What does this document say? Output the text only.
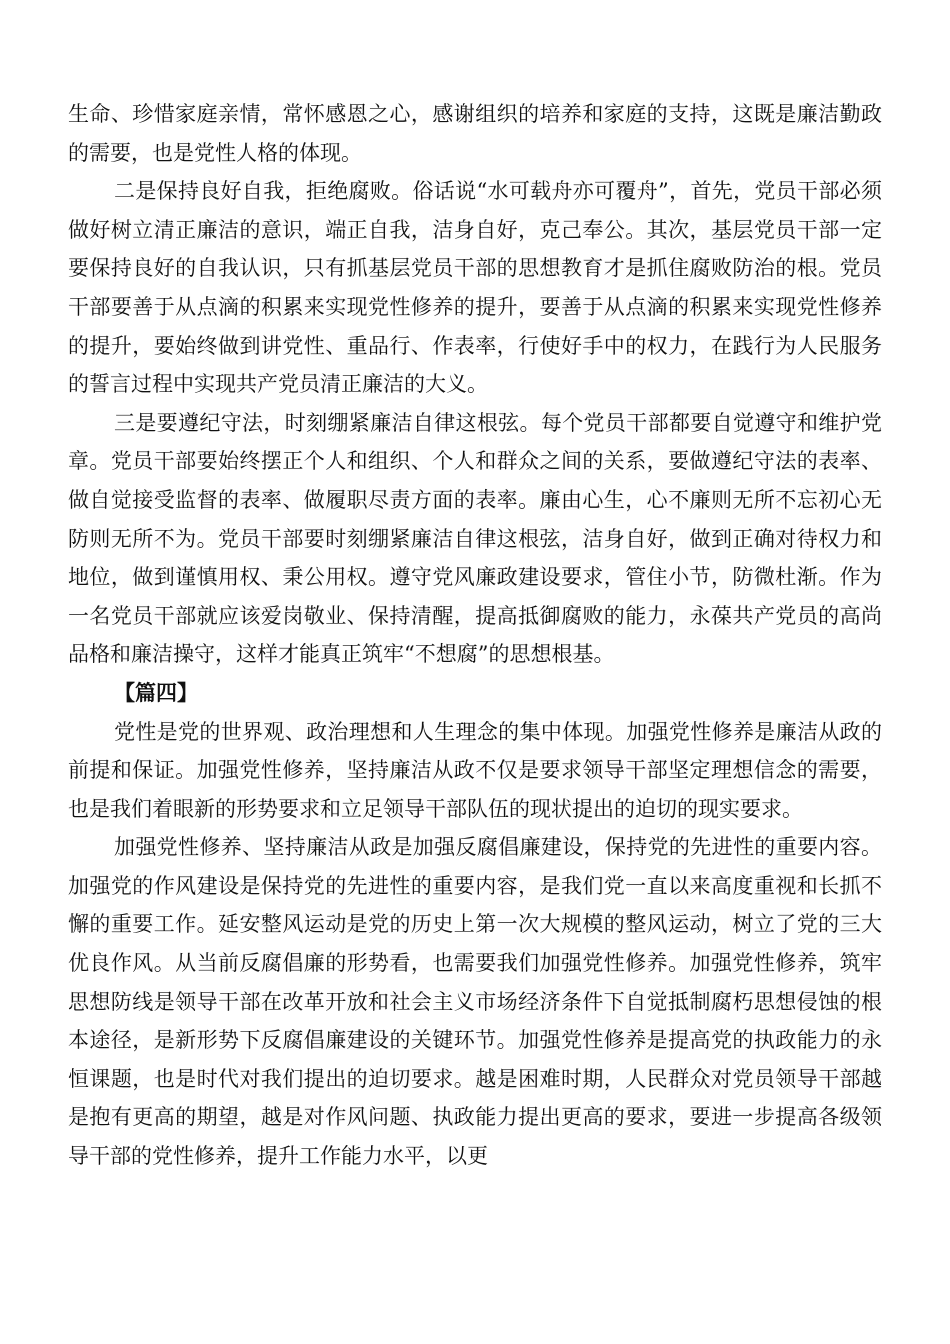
生命、珍惜家庭亲情，常怀感恩之心，感谢组织的培养和家庭的支持，这既是廉洁勤政的需要，也是党性人格的体现。

二是保持良好自我，拒绝腐败。俗话说“水可载舟亦可覆舟”，首先，党员干部必须做好树立清正廉洁的意识，端正自我，洁身自好，克己奉公。其次，基层党员干部一定要保持良好的自我认识，只有抓基层党员干部的思想教育才是抓住腐败防治的根。党员干部要善于从点滴的积累来实现党性修养的提升，要善于从点滴的积累来实现党性修养的提升，要始终做到讲党性、重品行、作表率，行使好手中的权力，在践行为人民服务的誓言过程中实现共产党员清正廉洁的大义。

三是要遵纪守法，时刻绷紧廉洁自律这根弦。每个党员干部都要自觉遵守和维护党章。党员干部要始终摆正个人和组织、个人和群众之间的关系，要做遵纪守法的表率、做自觉接受监督的表率、做履职尽责方面的表率。廉由心生，心不廉则无所不忘初心无防则无所不为。党员干部要时刻绷紧廉洁自律这根弦，洁身自好，做到正确对待权力和地位，做到谨慎用权、秉公用权。遵守党风廉政建设要求，管住小节，防微杜渐。作为一名党员干部就应该爱岗敬业、保持清醒，提高抵御腐败的能力，永葆共产党员的高尚品格和廉洁操守，这样才能真正筑牢“不想腐”的思想根基。

【篇四】

党性是党的世界观、政治理想和人生理念的集中体现。加强党性修养是廉洁从政的前提和保证。加强党性修养，坚持廉洁从政不仅是要求领导干部坚定理想信念的需要，也是我们着眼新的形势要求和立足领导干部队伍的现状提出的迫切的现实要求。

加强党性修养、坚持廉洁从政是加强反腐倡廉建设，保持党的先进性的重要内容。加强党的作风建设是保持党的先进性的重要内容，是我们党一直以来高度重视和长抓不懈的重要工作。延安整风运动是党的历史上第一次大规模的整风运动，树立了党的三大优良作风。从当前反腐倡廉的形势看，也需要我们加强党性修养。加强党性修养，筑牢思想防线是领导干部在改革开放和社会主义市场经济条件下自觉抵制腐朽思想侵蚀的根本途径，是新形势下反腐倡廉建设的关键环节。加强党性修养是提高党的执政能力的永恒课题，也是时代对我们提出的迫切要求。越是困难时期，人民群众对党员领导干部越是抱有更高的期望，越是对作风问题、执政能力提出更高的要求，要进一步提高各级领导干部的党性修养，提升工作能力水平，以更
